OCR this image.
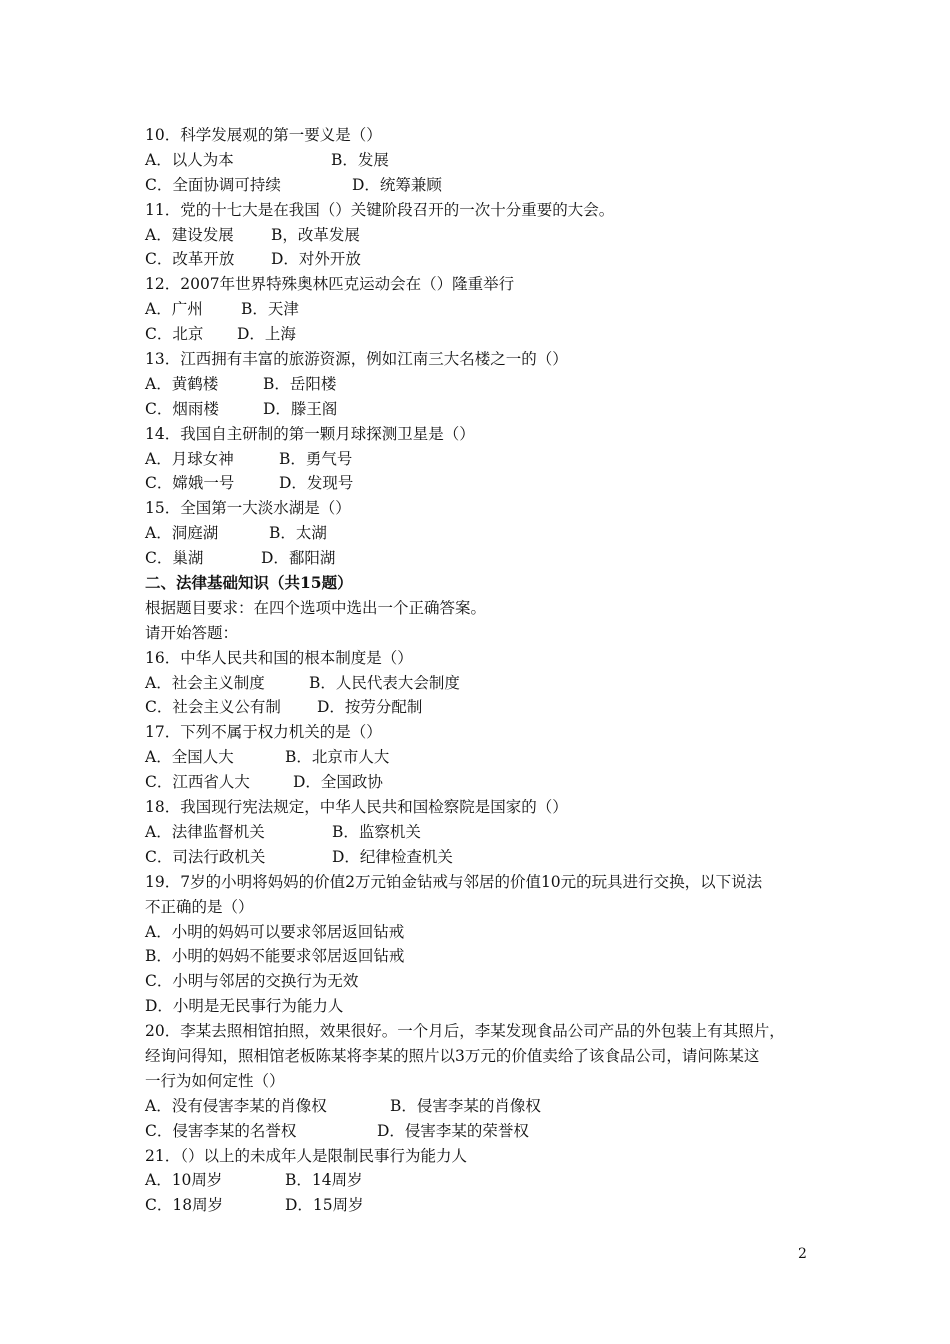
10．科学发展观的第一要义是（）
A．以人为本	B．发展
C．全面协调可持续	D．统筹兼顾
11．党的十七大是在我国（）关键阶段召开的一次十分重要的大会。
A．建设发展 B，改革发展
C．改革开放 D．对外开放
12．2007年世界特殊奥林匹克运动会在（）隆重举行
A．广州 B．天津
C．北京 D．上海
13．江西拥有丰富的旅游资源，例如江南三大名楼之一的（）
A．黄鹤楼	B．岳阳楼
C．烟雨楼	D．滕王阁
14．我国自主研制的第一颗月球探测卫星是（）
A．月球女神	B．勇气号
C．嫦娥一号	D．发现号
15．全国第一大淡水湖是（）
A．洞庭湖	B．太湖
C．巢湖	D．鄱阳湖
二、法律基础知识（共15题）
根据题目要求：在四个选项中选出一个正确答案。
请开始答题：
16．中华人民共和国的根本制度是（）
A．社会主义制度	B．人民代表大会制度
C．社会主义公有制 D．按劳分配制
17．下列不属于权力机关的是（）
A．全国人大	B．北京市人大
C．江西省人大	D．全国政协
18．我国现行宪法规定，中华人民共和国检察院是国家的（）
A．法律监督机关	B．监察机关
C．司法行政机关	D．纪律检查机关
19．7岁的小明将妈妈的价值2万元铂金钻戒与邻居的价值10元的玩具进行交换，以下说法
不正确的是（）
A．小明的妈妈可以要求邻居返回钻戒
B．小明的妈妈不能要求邻居返回钻戒
C．小明与邻居的交换行为无效
D．小明是无民事行为能力人
20．李某去照相馆拍照，效果很好。一个月后，李某发现食品公司产品的外包装上有其照片，
经询问得知，照相馆老板陈某将李某的照片以3万元的价值卖给了该食品公司，请问陈某这
一行为如何定性（）
A．没有侵害李某的肖像权	B．侵害李某的肖像权
C．侵害李某的名誉权	D．侵害李某的荣誉权
21．（）以上的未成年人是限制民事行为能力人
A．10周岁	B．14周岁
C．18周岁	D．15周岁
2
